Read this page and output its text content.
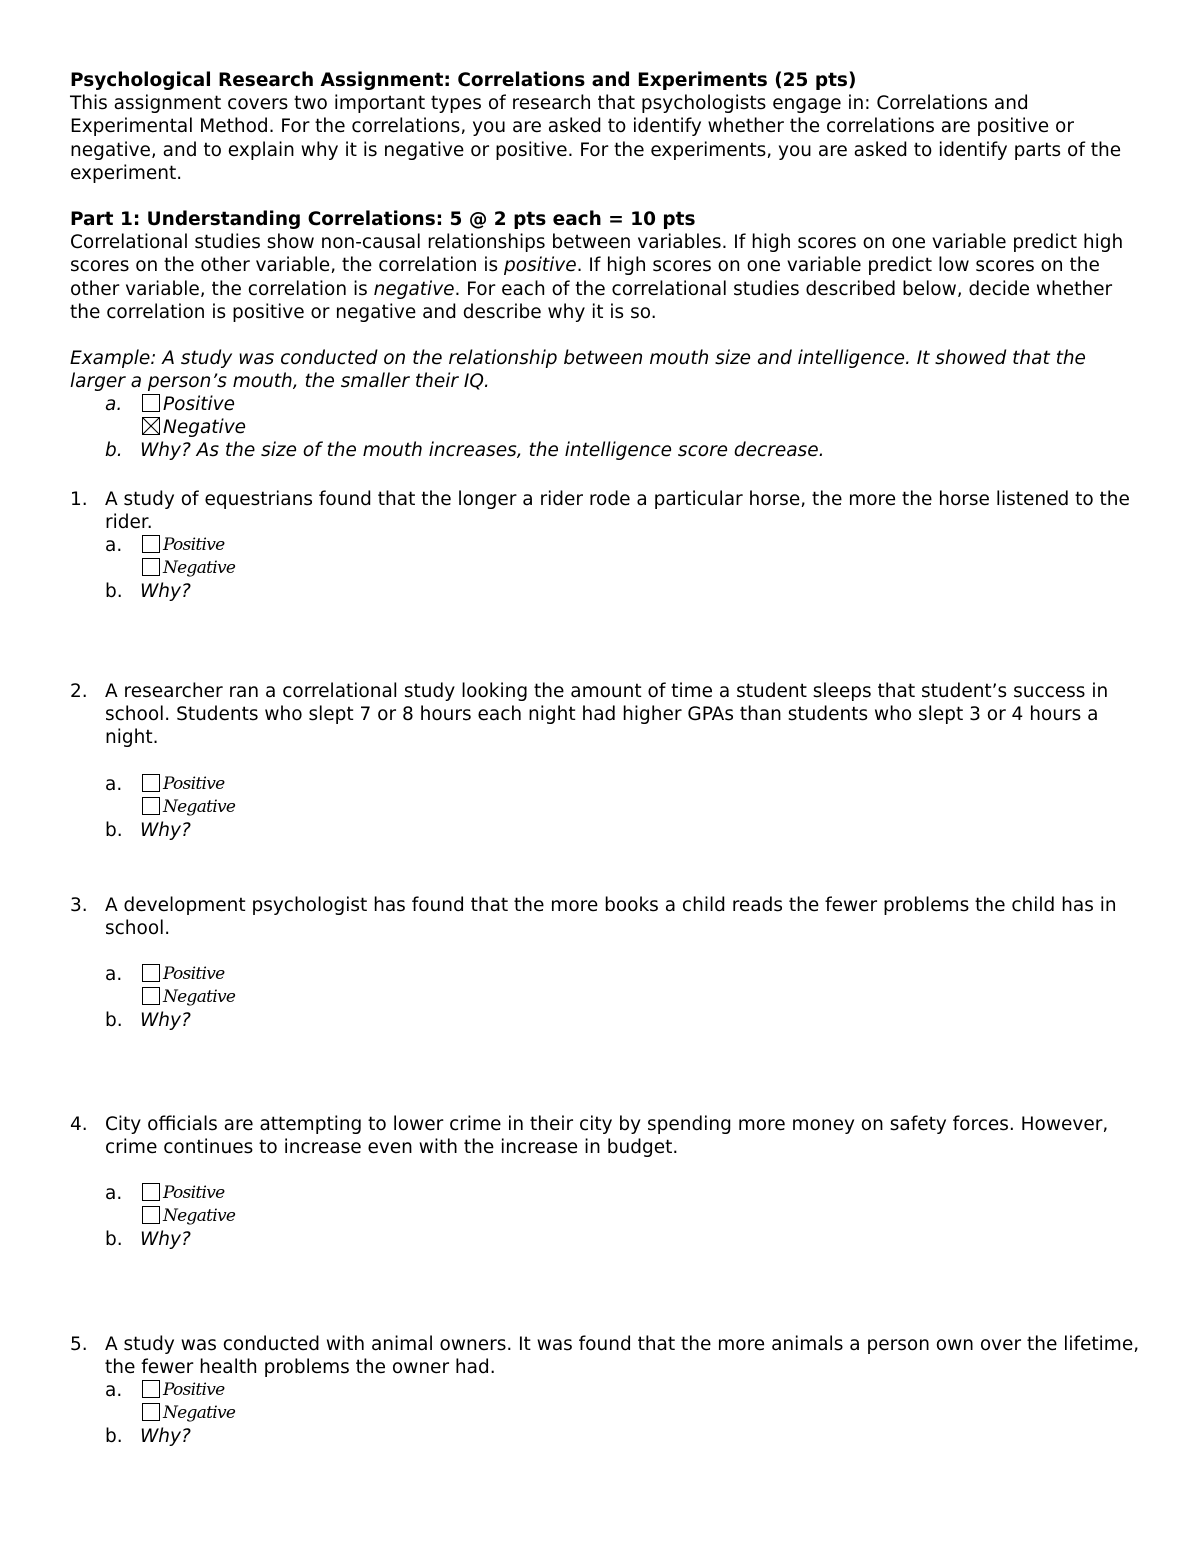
Psychological Research Assignment: Correlations and Experiments (25 pts)

This assignment covers two important types of research that psychologists engage in: Correlations and Experimental Method. For the correlations, you are asked to identify whether the correlations are positive or negative, and to explain why it is negative or positive. For the experiments, you are asked to identify parts of the experiment.

Part 1: Understanding Correlations: 5 @ 2 pts each = 10 pts

Correlational studies show non-causal relationships between variables. If high scores on one variable predict high scores on the other variable, the correlation is positive. If high scores on one variable predict low scores on the other variable, the correlation is negative. For each of the correlational studies described below, decide whether the correlation is positive or negative and describe why it is so.

Example: A study was conducted on the relationship between mouth size and intelligence. It showed that the larger a person’s mouth, the smaller their IQ.

a. Positive
Negative
b. Why? As the size of the mouth increases, the intelligence score decrease.
1. A study of equestrians found that the longer a rider rode a particular horse, the more the horse listened to the rider.

a. Positive
Negative
b. Why?
2. A researcher ran a correlational study looking the amount of time a student sleeps that student’s success in school. Students who slept 7 or 8 hours each night had higher GPAs than students who slept 3 or 4 hours a night.

a. Positive
Negative
b. Why?
3. A development psychologist has found that the more books a child reads the fewer problems the child has in school.

a. Positive
Negative
b. Why?
4. City officials are attempting to lower crime in their city by spending more money on safety forces. However, crime continues to increase even with the increase in budget.

a. Positive
Negative
b. Why?
5. A study was conducted with animal owners. It was found that the more animals a person own over the lifetime, the fewer health problems the owner had.

a. Positive
Negative
b. Why?
